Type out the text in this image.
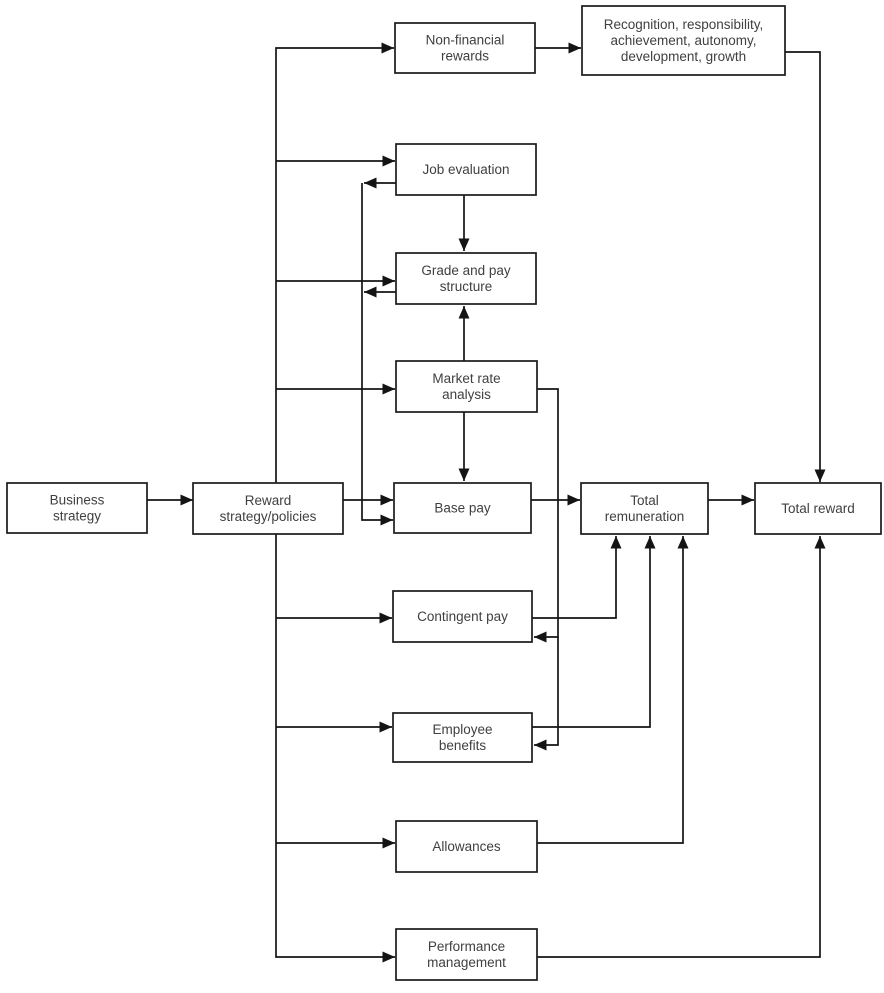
Business
strategy
Reward
strategy/policies
Non-financial
rewards
Recognition, responsibility,
achievement, autonomy,
development, growth
Job evaluation
Grade and pay
structure
Market rate
analysis
Base pay
Contingent pay
Employee
benefits
Allowances
Performance
management
Total
remuneration
Total reward
